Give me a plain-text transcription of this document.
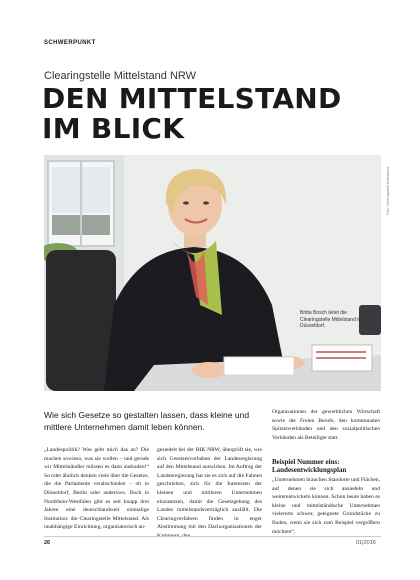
SCHWERPUNKT
Clearingstelle Mittelstand NRW
DEN MITTELSTAND
IM BLICK
Foto: Clearingstelle Mittelstand
Britta Bosch leitet die Clearingstelle Mittelstand in Düsseldorf.
Wie sich Gesetze so gestalten lassen, dass kleine und mittlere Unternehmen damit leben können.
„Landespolitik? Was geht mich das an? Die machen sowieso, was sie wollen – und gerade wir Mittelständler müssen es dann ausbaden!“ So oder ähnlich denken viele über die Gesetze, die die Parlamente verabschieden – ob in Düsseldorf, Berlin oder anderswo. Doch in Nordrhein-Westfalen gibt es seit knapp drei Jahren eine deutschlandweit einmalige Institution: die Clearingstelle Mittelstand. Als unabhängige Einrichtung, organisatorisch an-
gesiedelt bei der IHK NRW, überprüft sie, wie sich Gesetzesvorhaben der Landesregierung auf den Mittelstand auswirken. Im Auftrag der Landesregierung hat sie es sich auf die Fahnen geschrieben, sich für die Interessen der kleinen und mittleren Unternehmen einzusetzen, damit die Gesetzgebung des Landes mittelstandsverträglich ausfällt. Die Clearingverfahren finden in enger Abstimmung mit den Dachorganisationen der Kammern, den
Organisationen der gewerblichen Wirtschaft sowie der Freien Berufe, den kommunalen Spitzenverbänden und den sozialpolitischen Verbänden als Beteiligte statt.
Beispiel Nummer eins: Landesentwicklungsplan
„Unternehmen brauchen Standorte und Flächen, auf denen sie sich ansiedeln und weiterentwickeln können. Schon heute haben es kleine und mittelständische Unternehmen vielerorts schwer, geeignete Grundstücke zu finden, wenn sie sich zum Beispiel vergrößern möchten“,
26	01|2016
